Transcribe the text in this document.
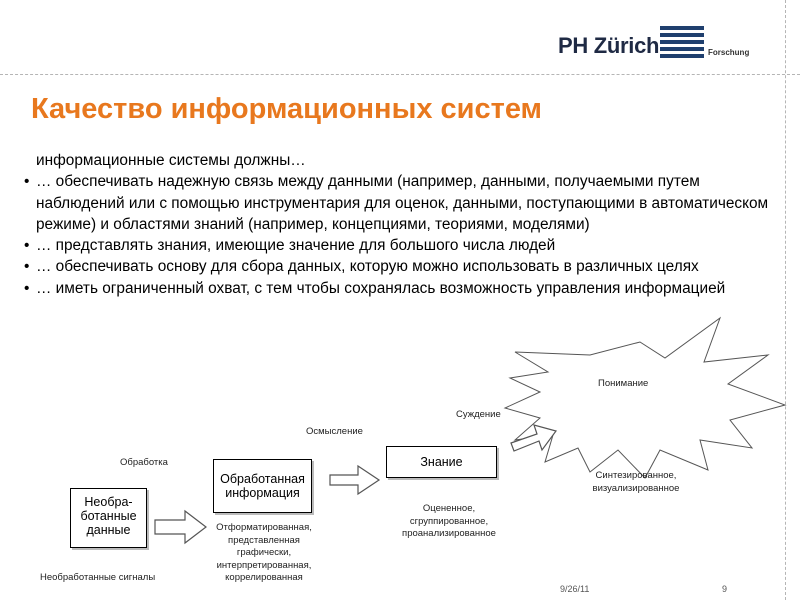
PH Zürich	Forschung
Качество информационных систем

информационные системы должны…

• … обеспечивать надежную связь между данными (например, данными, получаемыми путем наблюдений или с помощью инструментария для оценок, данными, поступающими в автоматическом режиме) и областями знаний (например, концепциями, теориями, моделями)
• … представлять знания, имеющие значение для большого числа людей
• … обеспечивать основу для сбора данных, которую можно использовать в различных целях
• … иметь ограниченный охват, с тем чтобы сохранялась возможность управления информацией
Необра-
ботанные
данные
Обработанная
информация
Знание
Понимание
Обработка
Осмысление
Суждение
Необработанные сигналы
Отформатированная,
представленная
графически,
интерпретированная,
коррелированная
Оцененное,
сгруппированное,
проанализированное
Синтезированное,
визуализированное
9/26/11	9
